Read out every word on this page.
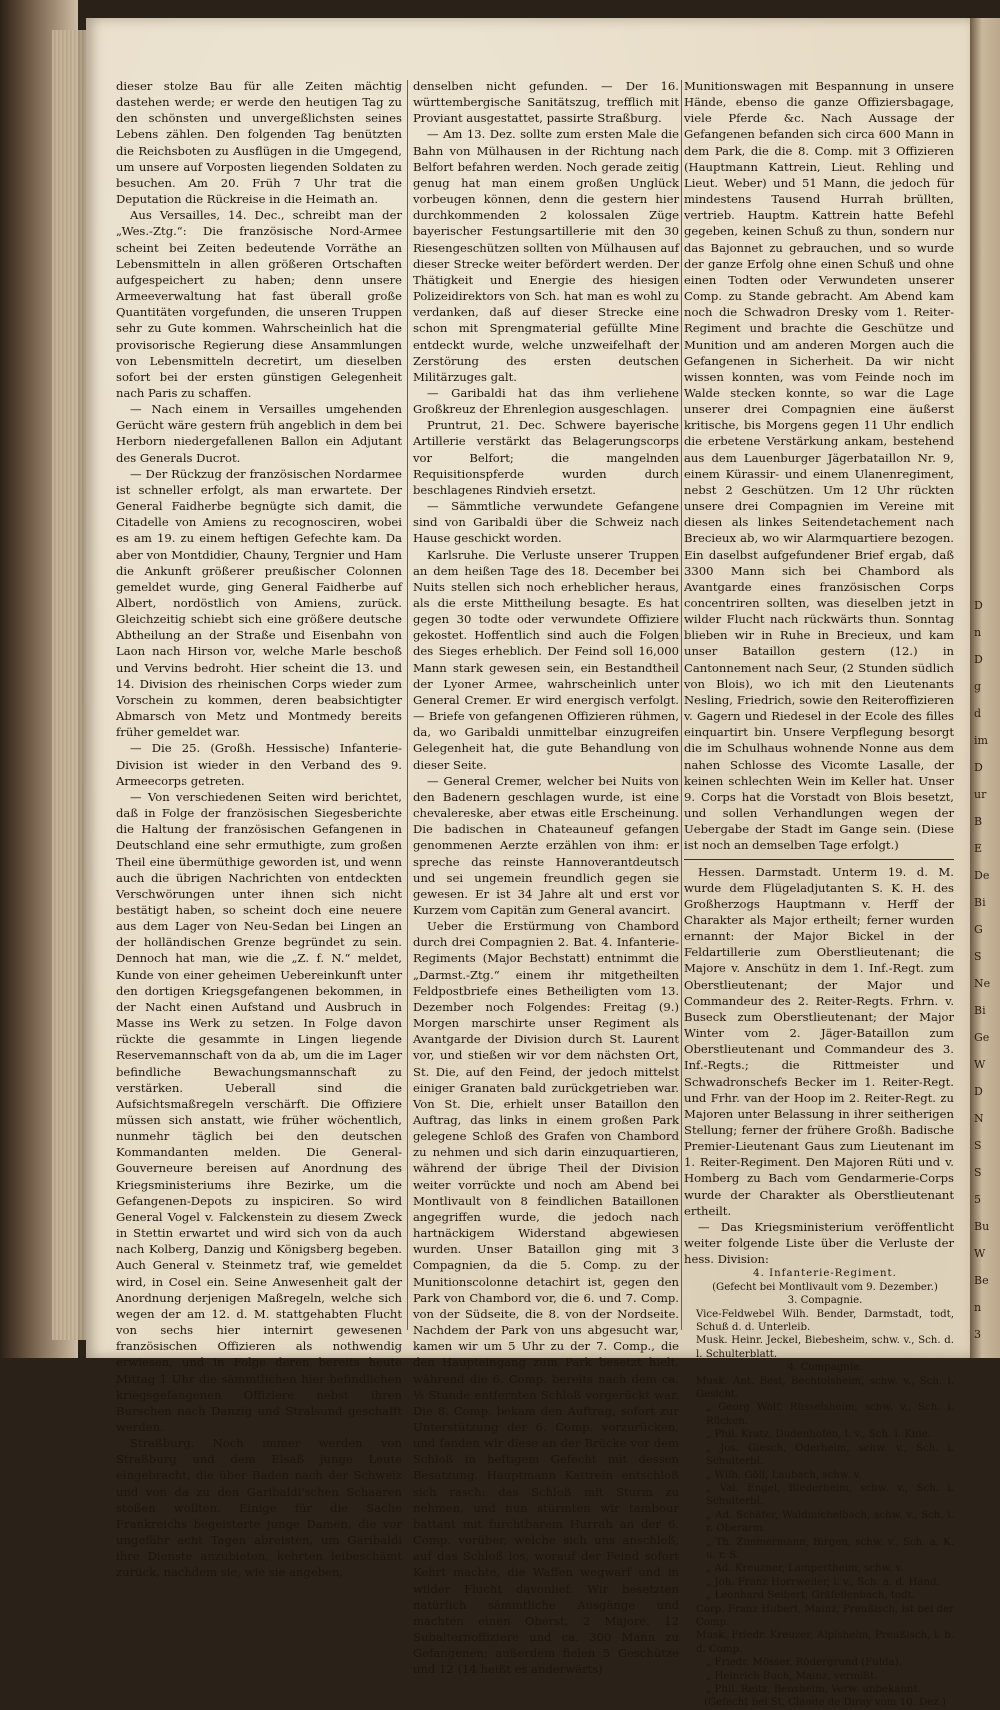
D
n
D
g
d
im
D
ur
B
E
De
Bi
G
S
Ne
Bi
Ge
W
D
N
S
S
5
Bu
W
Be
n
3

dieser stolze Bau für alle Zeiten mächtig dastehen werde; er werde den heutigen Tag zu den schönsten und unvergeßlichsten seines Lebens zählen. Den folgenden Tag benützten die Reichsboten zu Ausflügen in die Umgegend, um unsere auf Vorposten liegenden Soldaten zu besuchen. Am 20. Früh 7 Uhr trat die Deputation die Rückreise in die Heimath an.

Aus Versailles, 14. Dec., schreibt man der „Wes.-Ztg.“: Die französische Nord-Armee scheint bei Zeiten bedeutende Vorräthe an Lebensmitteln in allen größeren Ortschaften aufgespeichert zu haben; denn unsere Armeeverwaltung hat fast überall große Quantitäten vorgefunden, die unseren Truppen sehr zu Gute kommen. Wahrscheinlich hat die provisorische Regierung diese Ansammlungen von Lebensmitteln decretirt, um dieselben sofort bei der ersten günstigen Gelegenheit nach Paris zu schaffen.

— Nach einem in Versailles umgehenden Gerücht wäre gestern früh angeblich in dem bei Herborn niedergefallenen Ballon ein Adjutant des Generals Ducrot.

— Der Rückzug der französischen Nordarmee ist schneller erfolgt, als man erwartete. Der General Faidherbe begnügte sich damit, die Citadelle von Amiens zu recognosciren, wobei es am 19. zu einem heftigen Gefechte kam. Da aber von Montdidier, Chauny, Tergnier und Ham die Ankunft größerer preußischer Colonnen gemeldet wurde, ging General Faidherbe auf Albert, nordöstlich von Amiens, zurück. Gleichzeitig schiebt sich eine größere deutsche Abtheilung an der Straße und Eisenbahn von Laon nach Hirson vor, welche Marle beschoß und Vervins bedroht. Hier scheint die 13. und 14. Division des rheinischen Corps wieder zum Vorschein zu kommen, deren beabsichtigter Abmarsch von Metz und Montmedy bereits früher gemeldet war.

— Die 25. (Großh. Hessische) Infanterie-Division ist wieder in den Verband des 9. Armeecorps getreten.

— Von verschiedenen Seiten wird berichtet, daß in Folge der französischen Siegesberichte die Haltung der französischen Gefangenen in Deutschland eine sehr ermuthigte, zum großen Theil eine übermüthige geworden ist, und wenn auch die übrigen Nachrichten von entdeckten Verschwörungen unter ihnen sich nicht bestätigt haben, so scheint doch eine neuere aus dem Lager von Neu-Sedan bei Lingen an der holländischen Grenze begründet zu sein. Dennoch hat man, wie die „Z. f. N.“ meldet, Kunde von einer geheimen Uebereinkunft unter den dortigen Kriegsgefangenen bekommen, in der Nacht einen Aufstand und Ausbruch in Masse ins Werk zu setzen. In Folge davon rückte die gesammte in Lingen liegende Reservemannschaft von da ab, um die im Lager befindliche Bewachungsmannschaft zu verstärken. Ueberall sind die Aufsichtsmaßregeln verschärft. Die Offiziere müssen sich anstatt, wie früher wöchentlich, nunmehr täglich bei den deutschen Kommandanten melden. Die General-Gouverneure bereisen auf Anordnung des Kriegsministeriums ihre Bezirke, um die Gefangenen-Depots zu inspiciren. So wird General Vogel v. Falckenstein zu diesem Zweck in Stettin erwartet und wird sich von da auch nach Kolberg, Danzig und Königsberg begeben. Auch General v. Steinmetz traf, wie gemeldet wird, in Cosel ein. Seine Anwesenheit galt der Anordnung derjenigen Maßregeln, welche sich wegen der am 12. d. M. stattgehabten Flucht von sechs hier internirt gewesenen französischen Offizieren als nothwendig erwiesen, und in Folge deren bereits heute Mittag 1 Uhr die sämmtlichen hier befindlichen kriegsgefangenen Offiziere nebst ihren Burschen nach Danzig und Stralsund geschafft werden.

Straßburg. Noch immer werden von Straßburg und dem Elsaß junge Leute eingebracht, die über Baden nach der Schweiz und von da zu den Garibaldi'schen Schaaren stoßen wollten. Einige für die Sache Frankreichs begeisterte junge Damen, die vor ungefähr acht Tagen abreisten, um Garibaldi ihre Dienste anzubieten, kehrten leibeschämt zurück, nachdem sie, wie sie angeben,

denselben nicht gefunden. — Der 16. württembergische Sanitätszug, trefflich mit Proviant ausgestattet, passirte Straßburg.

— Am 13. Dez. sollte zum ersten Male die Bahn von Mülhausen in der Richtung nach Belfort befahren werden. Noch gerade zeitig genug hat man einem großen Unglück vorbeugen können, denn die gestern hier durchkommenden 2 kolossalen Züge bayerischer Festungsartillerie mit den 30 Riesengeschützen sollten von Mülhausen auf dieser Strecke weiter befördert werden. Der Thätigkeit und Energie des hiesigen Polizeidirektors von Sch. hat man es wohl zu verdanken, daß auf dieser Strecke eine schon mit Sprengmaterial gefüllte Mine entdeckt wurde, welche unzweifelhaft der Zerstörung des ersten deutschen Militärzuges galt.

— Garibaldi hat das ihm verliehene Großkreuz der Ehrenlegion ausgeschlagen.

Pruntrut, 21. Dec. Schwere bayerische Artillerie verstärkt das Belagerungscorps vor Belfort; die mangelnden Requisitionspferde wurden durch beschlagenes Rindvieh ersetzt.

— Sämmtliche verwundete Gefangene sind von Garibaldi über die Schweiz nach Hause geschickt worden.

Karlsruhe. Die Verluste unserer Truppen an dem heißen Tage des 18. December bei Nuits stellen sich noch erheblicher heraus, als die erste Mittheilung besagte. Es hat gegen 30 todte oder verwundete Offiziere gekostet. Hoffentlich sind auch die Folgen des Sieges erheblich. Der Feind soll 16,000 Mann stark gewesen sein, ein Bestandtheil der Lyoner Armee, wahrscheinlich unter General Cremer. Er wird energisch verfolgt. — Briefe von gefangenen Offizieren rühmen, da, wo Garibaldi unmittelbar einzugreifen Gelegenheit hat, die gute Behandlung von dieser Seite.

— General Cremer, welcher bei Nuits von den Badenern geschlagen wurde, ist eine chevalereske, aber etwas eitle Erscheinung. Die badischen in Chateauneuf gefangen genommenen Aerzte erzählen von ihm: er spreche das reinste Hannoverantdeutsch und sei ungemein freundlich gegen sie gewesen. Er ist 34 Jahre alt und erst vor Kurzem vom Capitän zum General avancirt.

Ueber die Erstürmung von Chambord durch drei Compagnien 2. Bat. 4. Infanterie-Regiments (Major Bechstatt) entnimmt die „Darmst.-Ztg.“ einem ihr mitgetheilten Feldpostbriefe eines Betheiligten vom 13. Dezember noch Folgendes: Freitag (9.) Morgen marschirte unser Regiment als Avantgarde der Division durch St. Laurent vor, und stießen wir vor dem nächsten Ort, St. Die, auf den Feind, der jedoch mittelst einiger Granaten bald zurückgetrieben war. Von St. Die, erhielt unser Bataillon den Auftrag, das links in einem großen Park gelegene Schloß des Grafen von Chambord zu nehmen und sich darin einzuquartieren, während der übrige Theil der Division weiter vorrückte und noch am Abend bei Montlivault von 8 feindlichen Bataillonen angegriffen wurde, die jedoch nach hartnäckigem Widerstand abgewiesen wurden. Unser Bataillon ging mit 3 Compagnien, da die 5. Comp. zu der Munitionscolonne detachirt ist, gegen den Park von Chambord vor, die 6. und 7. Comp. von der Südseite, die 8. von der Nordseite. Nachdem der Park von uns abgesucht war, kamen wir um 5 Uhr zu der 7. Comp., die den Haupteingang zum Park besetzt hielt, während die 6. Comp. bereits nach dem ca. ½ Stunde entfernten Schloß vorgerückt war. Die 8. Comp. bekam den Auftrag, sofort zur Unterstützung der 6. Comp. vorzurücken, und fanden wir diese an der Brücke vor dem Schloß in heftigem Gefecht mit dessen Besatzung. Hauptmann Kattrein entschloß sich rasch: das Schloß mit Sturm zu nehmen, und nun stürmten wir tambour battant mit furchtbarem Hurrah an der 6. Comp. vorüber, welche sich uns anschloß, auf das Schloß los, worauf der Feind sofort Kehrt machte, die Waffen wegwarf und in wilder Flucht davonlief. Wir besetzten natürlich sämmtliche Ausgänge und machten einen Oberst, 2 Majore, 12 Subalternoffiziere und ca. 300 Mann zu Gefangenen; außerdem fielen 5 Geschütze und 12 (14 heißt es anderwärts)

Munitionswagen mit Bespannung in unsere Hände, ebenso die ganze Offiziersbagage, viele Pferde &c. Nach Aussage der Gefangenen befanden sich circa 600 Mann in dem Park, die die 8. Comp. mit 3 Offizieren (Hauptmann Kattrein, Lieut. Rehling und Lieut. Weber) und 51 Mann, die jedoch für mindestens Tausend Hurrah brüllten, vertrieb. Hauptm. Kattrein hatte Befehl gegeben, keinen Schuß zu thun, sondern nur das Bajonnet zu gebrauchen, und so wurde der ganze Erfolg ohne einen Schuß und ohne einen Todten oder Verwundeten unserer Comp. zu Stande gebracht. Am Abend kam noch die Schwadron Dresky vom 1. Reiter-Regiment und brachte die Geschütze und Munition und am anderen Morgen auch die Gefangenen in Sicherheit. Da wir nicht wissen konnten, was vom Feinde noch im Walde stecken konnte, so war die Lage unserer drei Compagnien eine äußerst kritische, bis Morgens gegen 11 Uhr endlich die erbetene Verstärkung ankam, bestehend aus dem Lauenburger Jägerbataillon Nr. 9, einem Kürassir- und einem Ulanenregiment, nebst 2 Geschützen. Um 12 Uhr rückten unsere drei Compagnien im Vereine mit diesen als linkes Seitendetachement nach Brecieux ab, wo wir Alarmquartiere bezogen. Ein daselbst aufgefundener Brief ergab, daß 3300 Mann sich bei Chambord als Avantgarde eines französischen Corps concentriren sollten, was dieselben jetzt in wilder Flucht nach rückwärts thun. Sonntag blieben wir in Ruhe in Brecieux, und kam unser Bataillon gestern (12.) in Cantonnement nach Seur, (2 Stunden südlich von Blois), wo ich mit den Lieutenants Nesling, Friedrich, sowie den Reiteroffizieren v. Gagern und Riedesel in der Ecole des filles einquartirt bin. Unsere Verpflegung besorgt die im Schulhaus wohnende Nonne aus dem nahen Schlosse des Vicomte Lasalle, der keinen schlechten Wein im Keller hat. Unser 9. Corps hat die Vorstadt von Blois besetzt, und sollen Verhandlungen wegen der Uebergabe der Stadt im Gange sein. (Diese ist noch an demselben Tage erfolgt.)

Hessen. Darmstadt. Unterm 19. d. M. wurde dem Flügeladjutanten S. K. H. des Großherzogs Hauptmann v. Herff der Charakter als Major ertheilt; ferner wurden ernannt: der Major Bickel in der Feldartillerie zum Oberstlieutenant; die Majore v. Anschütz in dem 1. Inf.-Regt. zum Oberstlieutenant; der Major und Commandeur des 2. Reiter-Regts. Frhrn. v. Buseck zum Oberstlieutenant; der Major Winter vom 2. Jäger-Bataillon zum Oberstlieutenant und Commandeur des 3. Inf.-Regts.; die Rittmeister und Schwadronschefs Becker im 1. Reiter-Regt. und Frhr. van der Hoop im 2. Reiter-Regt. zu Majoren unter Belassung in ihrer seitherigen Stellung; ferner der frühere Großh. Badische Premier-Lieutenant Gaus zum Lieutenant im 1. Reiter-Regiment. Den Majoren Rüti und v. Homberg zu Bach vom Gendarmerie-Corps wurde der Charakter als Oberstlieutenant ertheilt.

— Das Kriegsministerium veröffentlicht weiter folgende Liste über die Verluste der hess. Division:

4. Infanterie-Regiment.

(Gefecht bei Montlivault vom 9. Dezember.)

3. Compagnie.

Vice-Feldwebel Wilh. Bender, Darmstadt, todt, Schuß d. d. Unterleib.

Musk. Heinr. Jeckel, Biebesheim, schw. v., Sch. d. l. Schulterblatt.

4. Compagnie.

Musk. Ant. Best, Bechtolsheim, schw. v., Sch. i. Gesicht.

„ Georg Wolf, Rüsselsheim, schw. v., Sch. i. Rücken.

„ Phil. Kratz, Dudenhofen, l. v., Sch. i. Knie.

„ Jos. Giesch, Oderheim, schw. v., Sch. i. Schulterbl.

„ Wilh. Göll, Laubach, schw. v.

„ Val. Engel, Biederheim, schw. v., Sch. i. Schulterbl.

„ Ad. Schäfer, Waldmichelbach, schw. v., Sch. i. r. Oberarm

„ Th. Zimmermann, Birgen, schw. v., Sch. a. K. u. r. S.

„ Ad. Kreuzner, Lampertheim, schw. v.

„ Joh. Franz Horrweiler, l. v., Sch. a. d. Hand.

„ Leonhard Seibert, Gräfellenbach, todt.

Corp. Franz Hubert, Mainz, Preußisch, ist bei der Comp.

Musk. Friedr. Kreuzer, Alpisheim, Preußisch, i. b. d. Comp.

„ Friedr. Mösser, Rödergrund (Fulda).

„ Heinrich Buch, Mainz, vermißt.

„ Phil. Reitz, Bensheim, Verw. unbekannt.

(Gefecht bei St. Claude de Diray vom 10. Dez.)
